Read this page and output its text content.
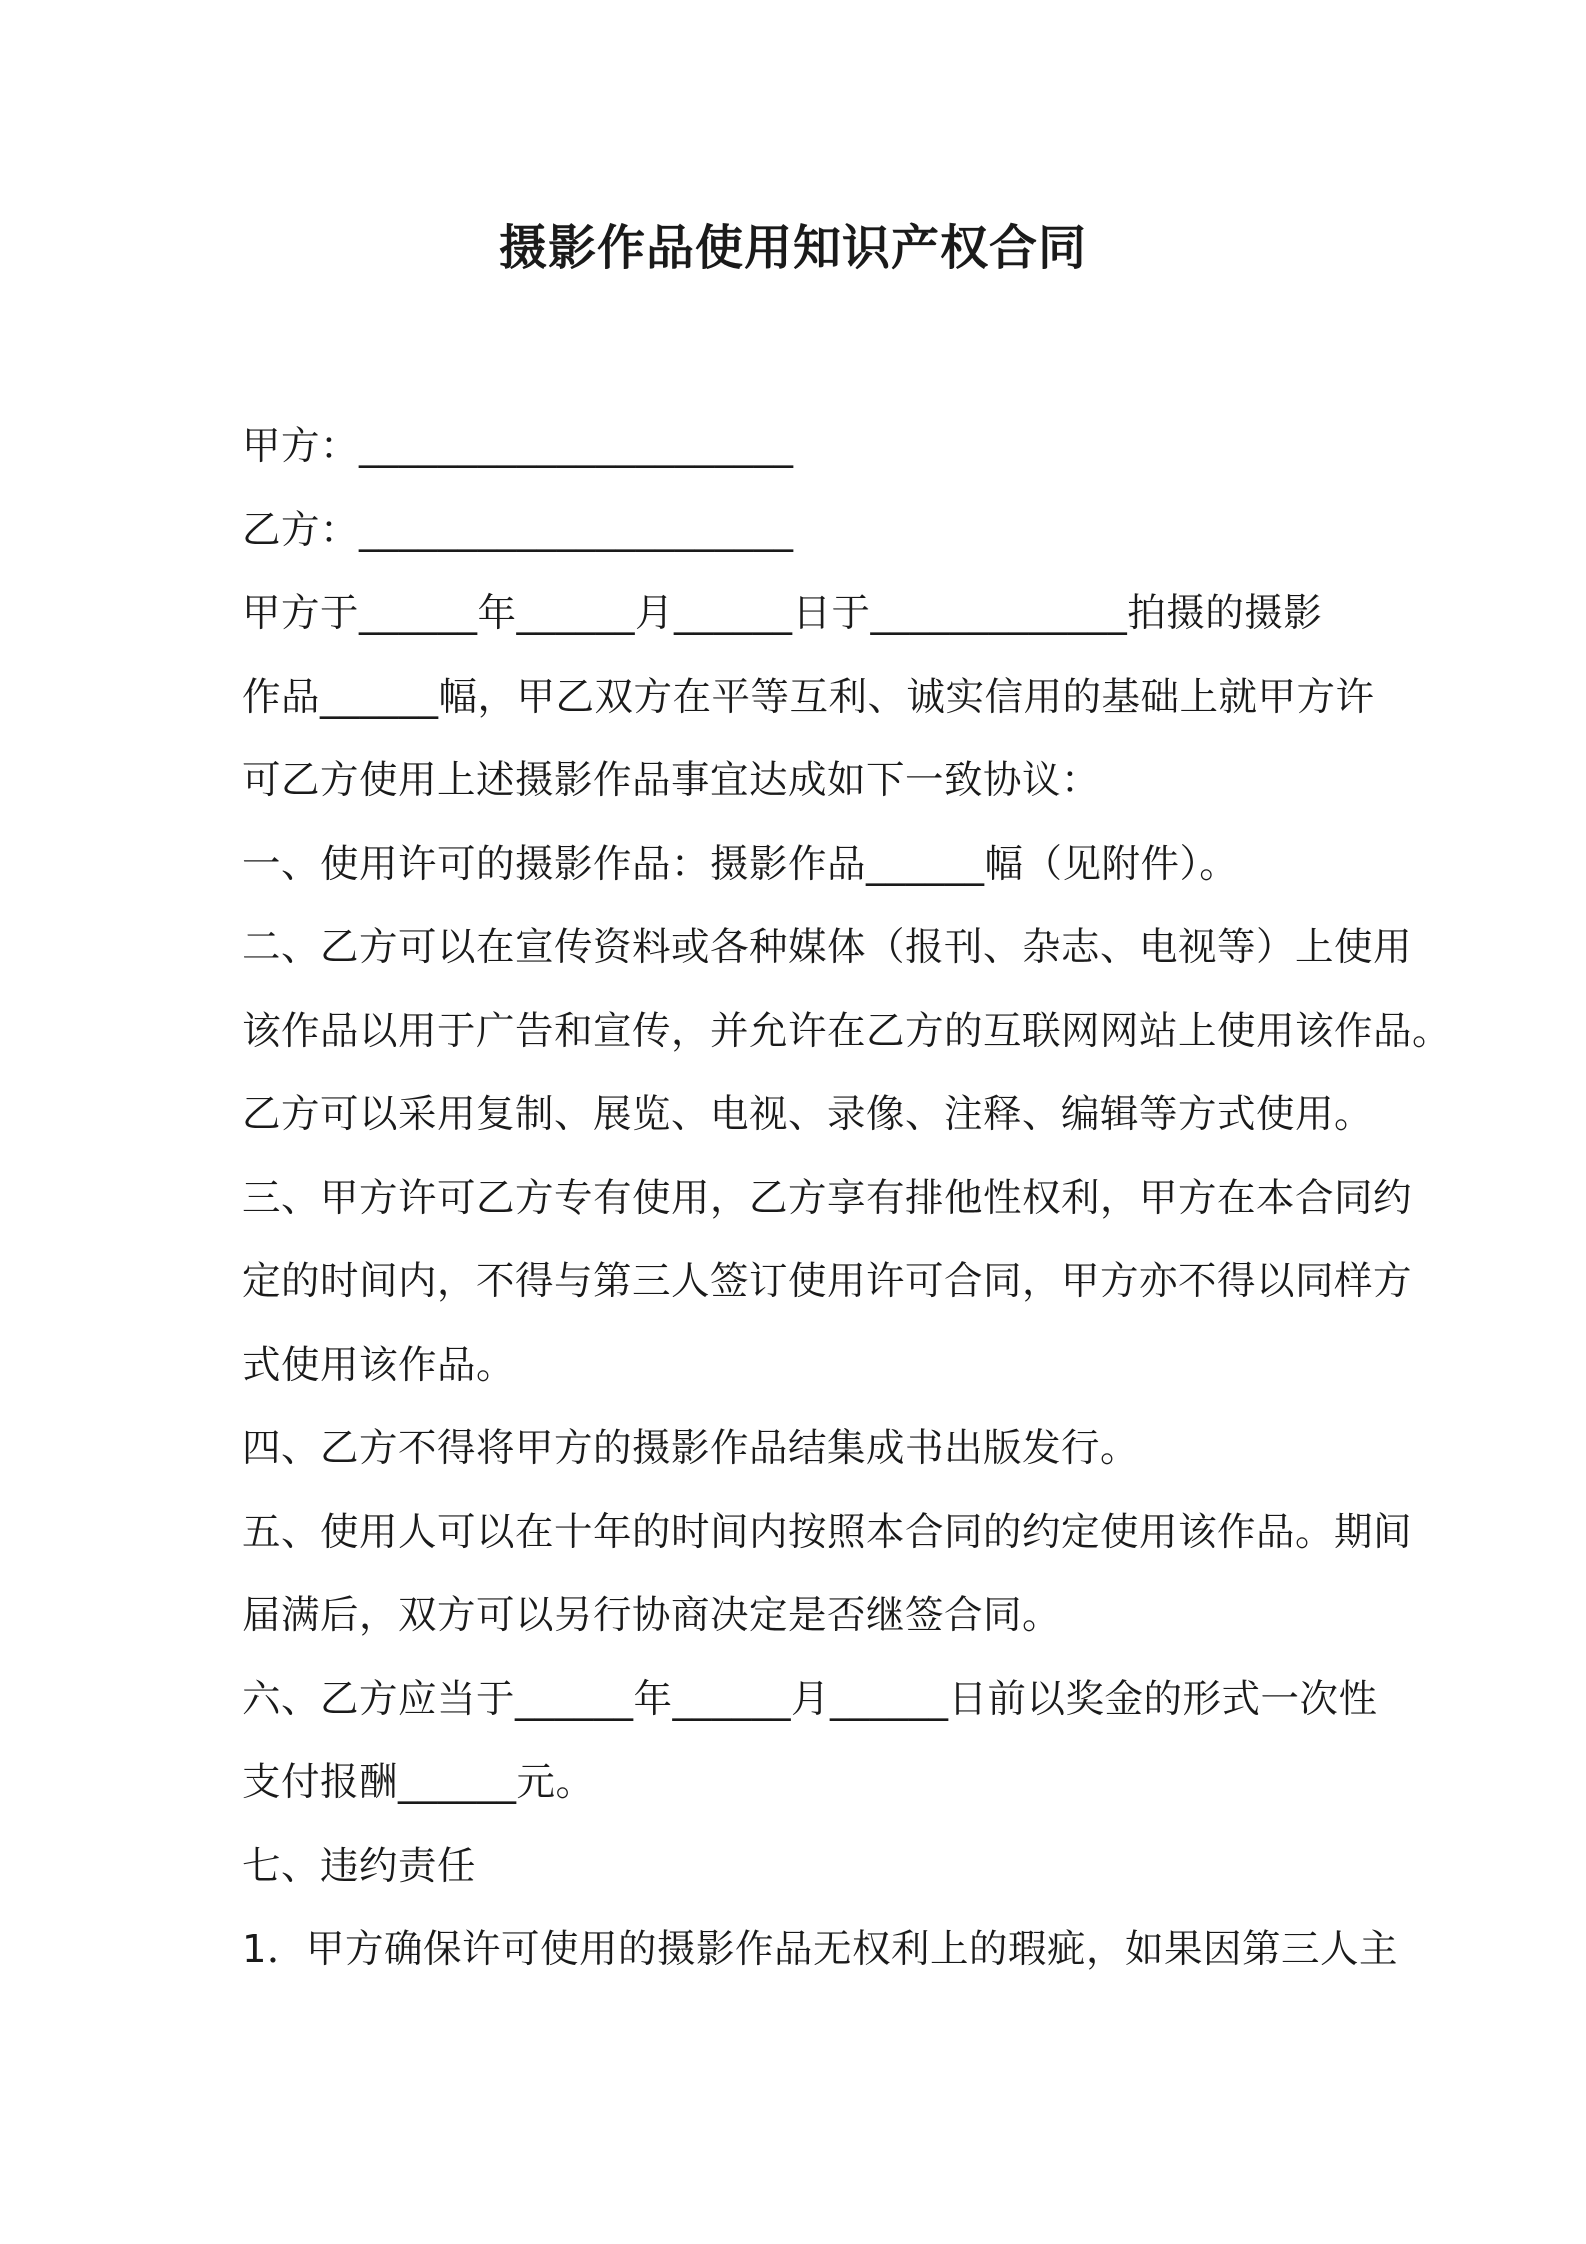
摄影作品使用知识产权合同
甲方：______________________
乙方：______________________
甲方于______年______月______日于_____________拍摄的摄影
作品______幅，甲乙双方在平等互利、诚实信用的基础上就甲方许
可乙方使用上述摄影作品事宜达成如下一致协议：
一、使用许可的摄影作品：摄影作品______幅（见附件）。
二、乙方可以在宣传资料或各种媒体（报刊、杂志、电视等）上使用
该作品以用于广告和宣传，并允许在乙方的互联网网站上使用该作品。
乙方可以采用复制、展览、电视、录像、注释、编辑等方式使用。
三、甲方许可乙方专有使用，乙方享有排他性权利，甲方在本合同约
定的时间内，不得与第三人签订使用许可合同，甲方亦不得以同样方
式使用该作品。
四、乙方不得将甲方的摄影作品结集成书出版发行。
五、使用人可以在十年的时间内按照本合同的约定使用该作品。期间
届满后，双方可以另行协商决定是否继签合同。
六、乙方应当于______年______月______日前以奖金的形式一次性
支付报酬______元。
七、违约责任
1．甲方确保许可使用的摄影作品无权利上的瑕疵，如果因第三人主
